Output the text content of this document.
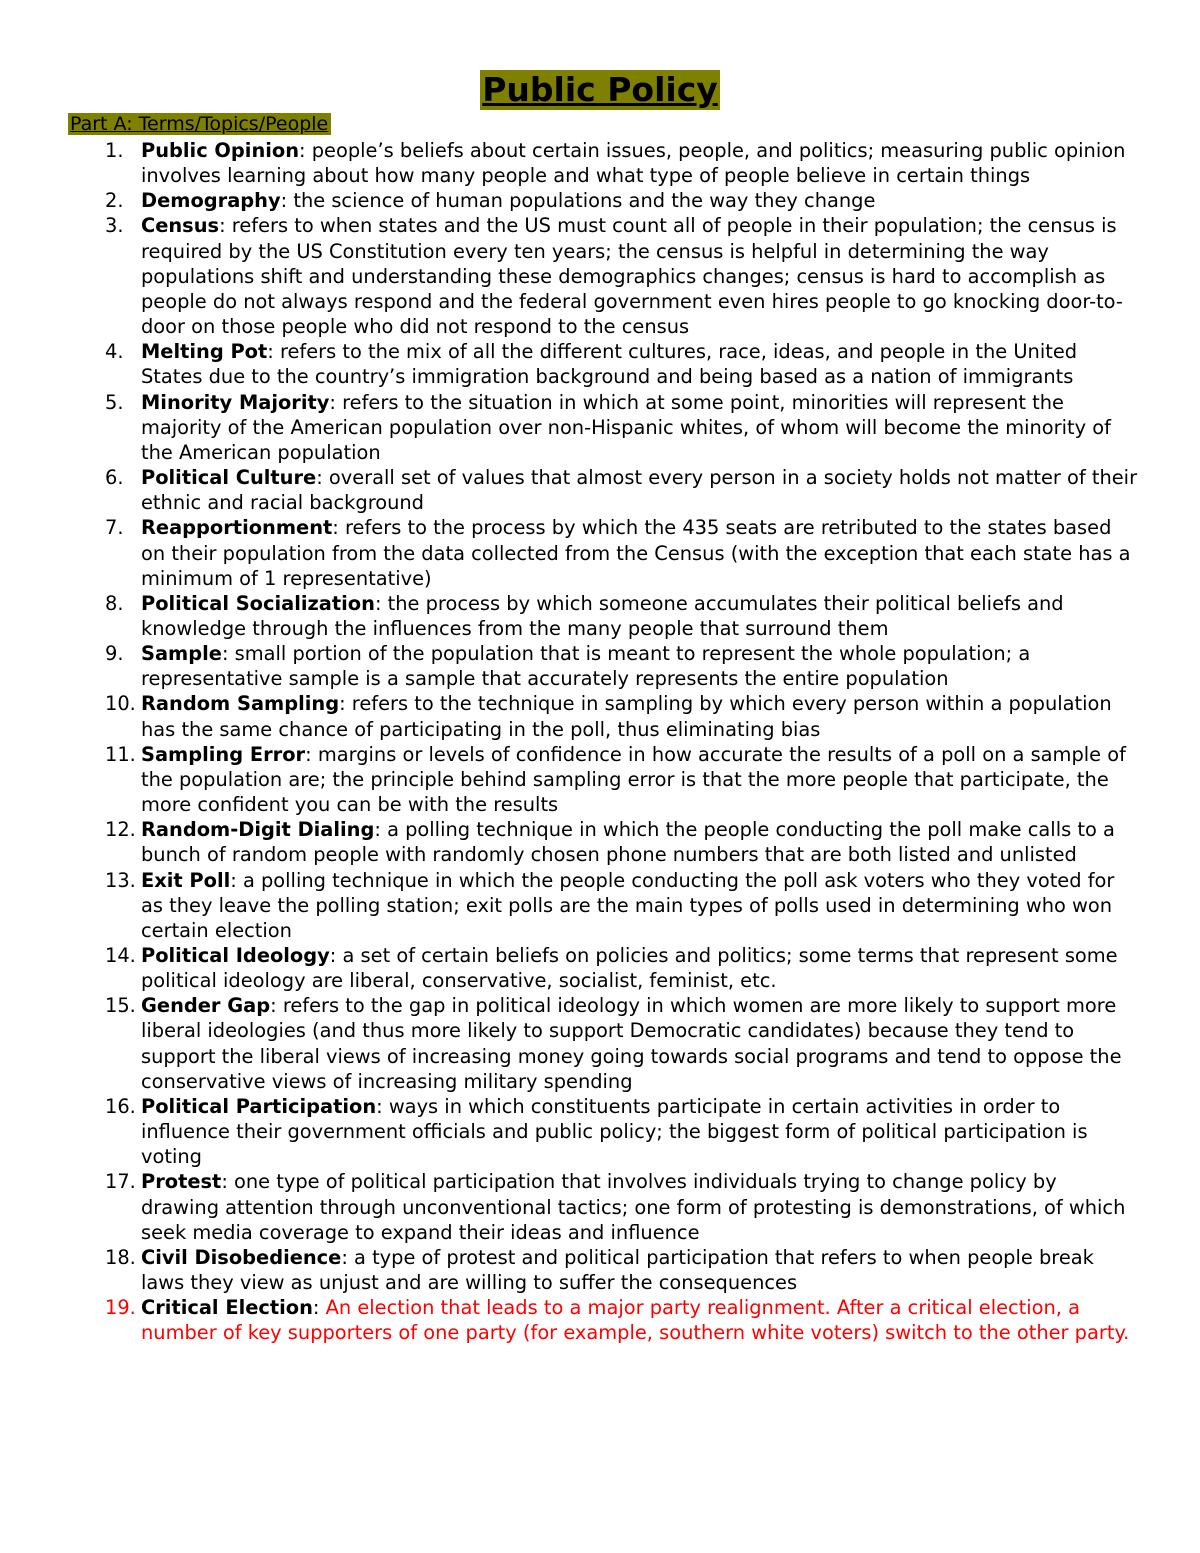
Public Policy
Part A: Terms/Topics/People
1. Public Opinion: people’s beliefs about certain issues, people, and politics; measuring public opinion involves learning about how many people and what type of people believe in certain things
2. Demography: the science of human populations and the way they change
3. Census: refers to when states and the US must count all of people in their population; the census is required by the US Constitution every ten years; the census is helpful in determining the way populations shift and understanding these demographics changes; census is hard to accomplish as people do not always respond and the federal government even hires people to go knocking door-to-door on those people who did not respond to the census
4. Melting Pot: refers to the mix of all the different cultures, race, ideas, and people in the United States due to the country’s immigration background and being based as a nation of immigrants
5. Minority Majority: refers to the situation in which at some point, minorities will represent the majority of the American population over non-Hispanic whites, of whom will become the minority of the American population
6. Political Culture: overall set of values that almost every person in a society holds not matter of their ethnic and racial background
7. Reapportionment: refers to the process by which the 435 seats are retributed to the states based on their population from the data collected from the Census (with the exception that each state has a minimum of 1 representative)
8. Political Socialization: the process by which someone accumulates their political beliefs and knowledge through the influences from the many people that surround them
9. Sample: small portion of the population that is meant to represent the whole population; a representative sample is a sample that accurately represents the entire population
10. Random Sampling: refers to the technique in sampling by which every person within a population has the same chance of participating in the poll, thus eliminating bias
11. Sampling Error: margins or levels of confidence in how accurate the results of a poll on a sample of the population are; the principle behind sampling error is that the more people that participate, the more confident you can be with the results
12. Random-Digit Dialing: a polling technique in which the people conducting the poll make calls to a bunch of random people with randomly chosen phone numbers that are both listed and unlisted
13. Exit Poll: a polling technique in which the people conducting the poll ask voters who they voted for as they leave the polling station; exit polls are the main types of polls used in determining who won certain election
14. Political Ideology: a set of certain beliefs on policies and politics; some terms that represent some political ideology are liberal, conservative, socialist, feminist, etc.
15. Gender Gap: refers to the gap in political ideology in which women are more likely to support more liberal ideologies (and thus more likely to support Democratic candidates) because they tend to support the liberal views of increasing money going towards social programs and tend to oppose the conservative views of increasing military spending
16. Political Participation: ways in which constituents participate in certain activities in order to influence their government officials and public policy; the biggest form of political participation is voting
17. Protest: one type of political participation that involves individuals trying to change policy by drawing attention through unconventional tactics; one form of protesting is demonstrations, of which seek media coverage to expand their ideas and influence
18. Civil Disobedience: a type of protest and political participation that refers to when people break laws they view as unjust and are willing to suffer the consequences
19. Critical Election: An election that leads to a major party realignment. After a critical election, a number of key supporters of one party (for example, southern white voters) switch to the other party.
